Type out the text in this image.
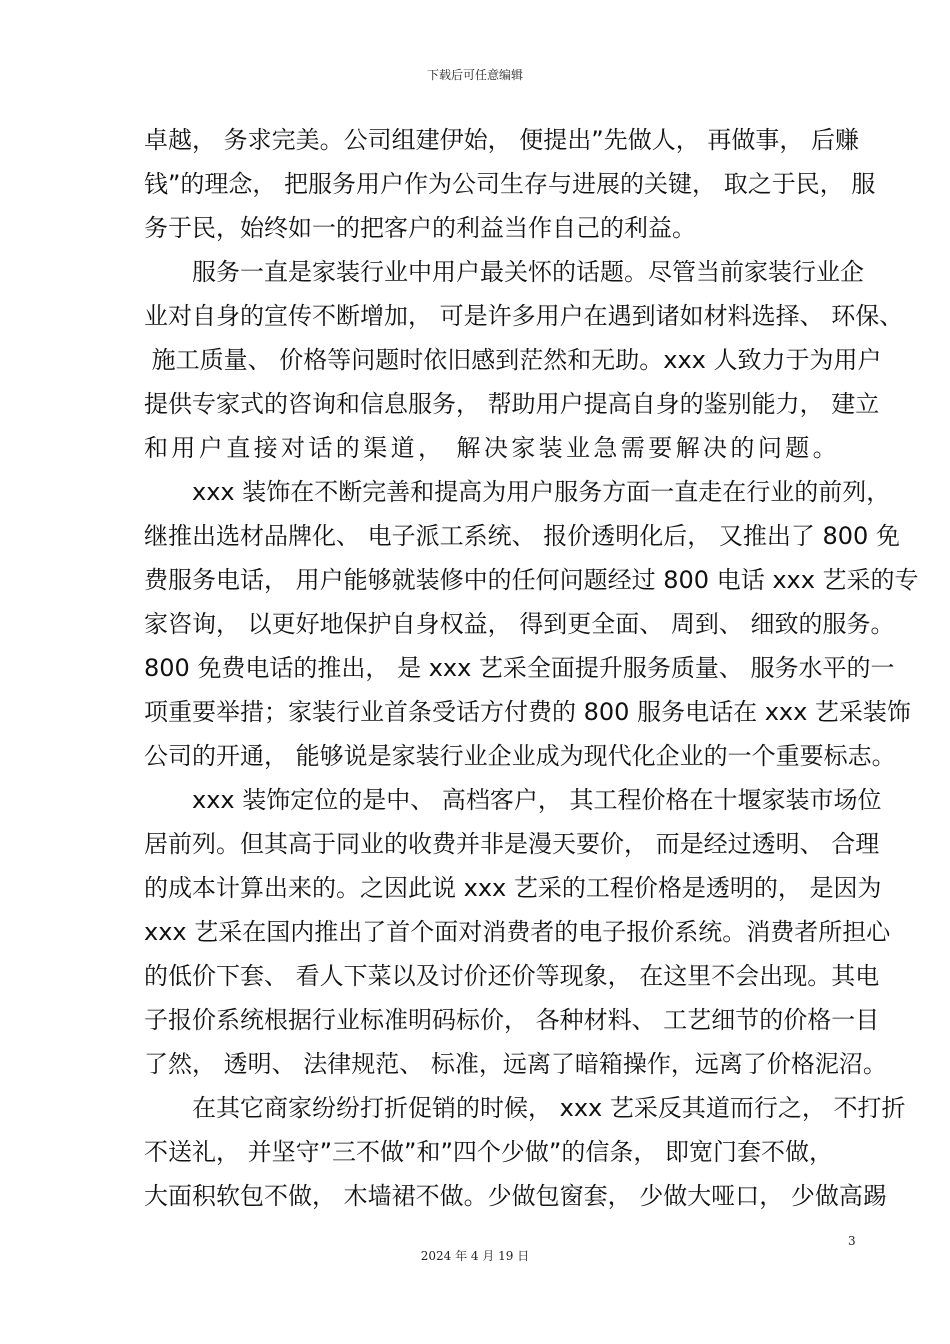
下载后可任意编辑
卓越， 务求完美。公司组建伊始， 便提出”先做人， 再做事， 后赚
钱”的理念， 把服务用户作为公司生存与进展的关键， 取之于民， 服
务于民，始终如一的把客户的利益当作自己的利益。
　　服务一直是家装行业中用户最关怀的话题。尽管当前家装行业企
业对自身的宣传不断增加， 可是许多用户在遇到诸如材料选择、 环保、
施工质量、 价格等问题时依旧感到茫然和无助。xxx 人致力于为用户
提供专家式的咨询和信息服务， 帮助用户提高自身的鉴别能力， 建立
和用户直接对话的渠道， 解决家装业急需要解决的问题。
　　xxx 装饰在不断完善和提高为用户服务方面一直走在行业的前列，
继推出选材品牌化、 电子派工系统、 报价透明化后， 又推出了 800 免
费服务电话， 用户能够就装修中的任何问题经过 800 电话 xxx 艺采的专
家咨询， 以更好地保护自身权益， 得到更全面、 周到、 细致的服务。
800 免费电话的推出， 是 xxx 艺采全面提升服务质量、 服务水平的一
项重要举措；家装行业首条受话方付费的 800 服务电话在 xxx 艺采装饰
公司的开通， 能够说是家装行业企业成为现代化企业的一个重要标志。
　　xxx 装饰定位的是中、 高档客户， 其工程价格在十堰家装市场位
居前列。但其高于同业的收费并非是漫天要价， 而是经过透明、 合理
的成本计算出来的。之因此说 xxx 艺采的工程价格是透明的， 是因为
xxx 艺采在国内推出了首个面对消费者的电子报价系统。消费者所担心
的低价下套、 看人下菜以及讨价还价等现象， 在这里不会出现。其电
子报价系统根据行业标准明码标价， 各种材料、 工艺细节的价格一目
了然， 透明、 法律规范、 标准，远离了暗箱操作，远离了价格泥沼。
　　在其它商家纷纷打折促销的时候， xxx 艺采反其道而行之， 不打折
不送礼， 并坚守”三不做”和”四个少做”的信条， 即宽门套不做，
大面积软包不做， 木墙裙不做。少做包窗套， 少做大哑口， 少做高踢
3
2024 年 4 月 19 日
